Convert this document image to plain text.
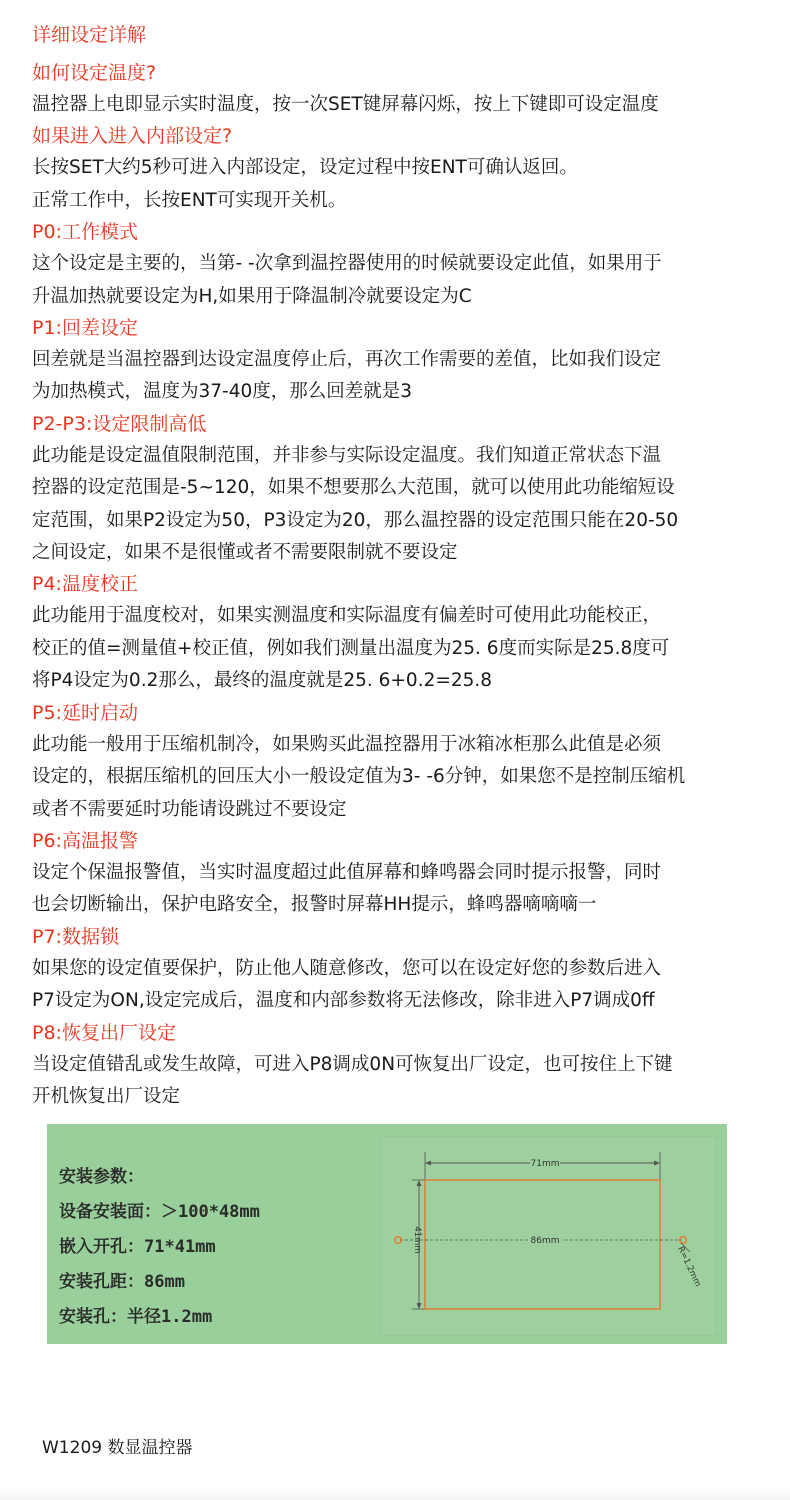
详细设定详解
如何设定温度?
温控器上电即显示实时温度，按一次SET键屏幕闪烁，按上下键即可设定温度
如果进入进入内部设定?
长按SET大约5秒可进入内部设定，设定过程中按ENT可确认返回。
正常工作中，长按ENT可实现开关机。
P0:工作模式
这个设定是主要的，当第- -次拿到温控器使用的时候就要设定此值，如果用于
升温加热就要设定为H,如果用于降温制冷就要设定为C
P1:回差设定
回差就是当温控器到达设定温度停止后，再次工作需要的差值，比如我们设定
为加热模式，温度为37-40度，那么回差就是3
P2-P3:设定限制高低
此功能是设定温值限制范围，并非参与实际设定温度。我们知道正常状态下温
控器的设定范围是-5~120，如果不想要那么大范围，就可以使用此功能缩短设
定范围，如果P2设定为50，P3设定为20，那么温控器的设定范围只能在20-50
之间设定，如果不是很懂或者不需要限制就不要设定
P4:温度校正
此功能用于温度校对，如果实测温度和实际温度有偏差时可使用此功能校正，
校正的值=测量值+校正值，例如我们测量出温度为25. 6度而实际是25.8度可
将P4设定为0.2那么，最终的温度就是25. 6+0.2=25.8
P5:延时启动
此功能一般用于压缩机制冷，如果购买此温控器用于冰箱冰柜那么此值是必须
设定的，根据压缩机的回压大小一般设定值为3- -6分钟，如果您不是控制压缩机
或者不需要延时功能请设跳过不要设定
P6:高温报警
设定个保温报警值，当实时温度超过此值屏幕和蜂鸣器会同时提示报警，同时
也会切断输出，保护电路安全，报警时屏幕HH提示，蜂鸣器嘀嘀嘀一
P7:数据锁
如果您的设定值要保护，防止他人随意修改，您可以在设定好您的参数后进入
P7设定为ON,设定完成后，温度和内部参数将无法修改，除非进入P7调成0ff
P8:恢复出厂设定
当设定值错乱或发生故障，可进入P8调成0N可恢复出厂设定，也可按住上下键
开机恢复出厂设定
安装参数：
设备安装面：＞100*48mm
嵌入开孔：71*41mm
安装孔距：86mm
安装孔：半径1.2mm
71mm
41mm	86mm
R=1.2mm
W1209 数显温控器
